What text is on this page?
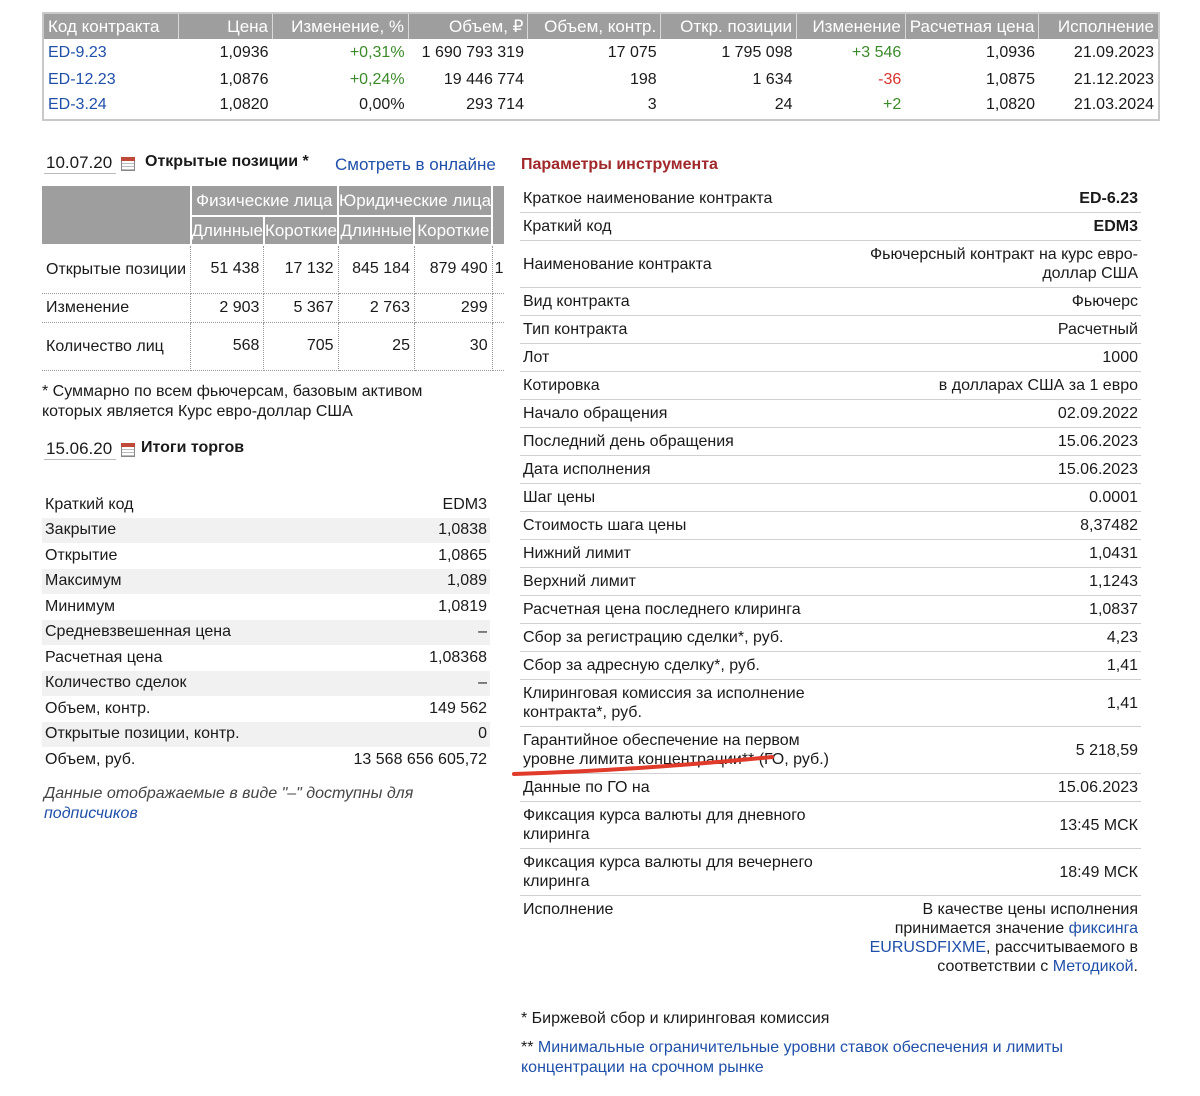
Код контракта	Цена	Изменение, %	Объем, ₽	Объем, контр.	Откр. позиции	Изменение	Расчетная цена	Исполнение
ED-9.23	1,0936	+0,31%	1 690 793 319	17 075	1 795 098	+3 546	1,0936	21.09.2023
ED-12.23	1,0876	+0,24%	19 446 774	198	1 634	-36	1,0875	21.12.2023
ED-3.24	1,0820	0,00%	293 714	3	24	+2	1,0820	21.03.2024
10.07.20 Открытые позиции * Смотреть в онлайне
	Физические лица		Юридические лица		
	Длинные	Короткие	Длинные	Короткие	
Открытые позиции	51 438	17 132	845 184	879 490	1
Изменение	2 903	5 367	2 763	299	
Количество лиц	568	705	25	30	
* Суммарно по всем фьючерсам, базовым активом которых является Курс евро-доллар США
15.06.20 Итоги торгов
Краткий код	EDM3
Закрытие	1,0838
Открытие	1,0865
Максимум	1,089
Минимум	1,0819
Средневзвешенная цена	–
Расчетная цена	1,08368
Количество сделок	–
Объем, контр.	149 562
Открытые позиции, контр.	0
Объем, руб.	13 568 656 605,72
Данные отображаемые в виде "–" доступны для
подписчиков
Параметры инструмента
Краткое наименование контракта	ED-6.23
Краткий код	EDM3
Наименование контракта	Фьючерсный контракт на курс евро-доллар США
Вид контракта	Фьючерс
Тип контракта	Расчетный
Лот	1000
Котировка	в долларах США за 1 евро
Начало обращения	02.09.2022
Последний день обращения	15.06.2023
Дата исполнения	15.06.2023
Шаг цены	0.0001
Стоимость шага цены	8,37482
Нижний лимит	1,0431
Верхний лимит	1,1243
Расчетная цена последнего клиринга	1,0837
Сбор за регистрацию сделки*, руб.	4,23
Сбор за адресную сделку*, руб.	1,41
Клиринговая комиссия за исполнение контракта*, руб.	1,41
Гарантийное обеспечение на первом уровне лимита концентрации** (ГО, руб.)	5 218,59
Данные по ГО на	15.06.2023
Фиксация курса валюты для дневного клиринга	13:45 МСК
Фиксация курса валюты для вечернего клиринга	18:49 МСК
Исполнение	В качестве цены исполнения принимается значение фиксинга EURUSDFIXME, рассчитываемого в соответствии с Методикой.
* Биржевой сбор и клиринговая комиссия
** Минимальные ограничительные уровни ставок обеспечения и лимиты концентрации на срочном рынке
